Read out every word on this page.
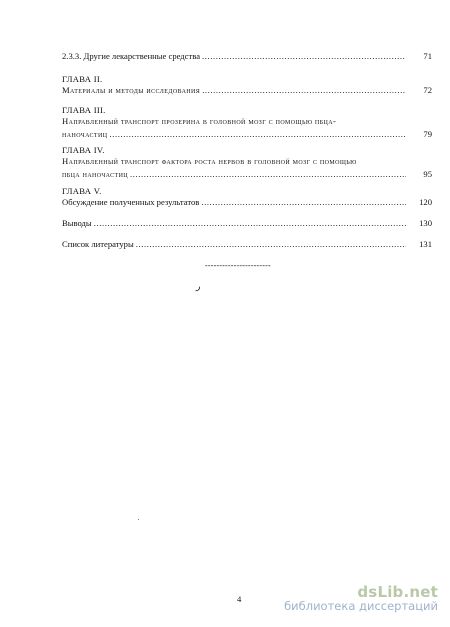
2.3.3. Другие лекарственные средства .....	71
ГЛАВА II.
Материалы и методы исследования .....	72
ГЛАВА III.
Направленный транспорт прозерина в головной мозг с помощью пбца-
наночастиц .....	79
ГЛАВА IV.
Направленный транспорт фактора роста нервов в головной мозг с помощью
пбца наночастиц .....	95
ГЛАВА V.
Обсуждение полученных результатов .....	120
Выводы .....	130
Список литературы .....	131
-----------------------
ر
4	dsLib.net
библиотека диссертаций
